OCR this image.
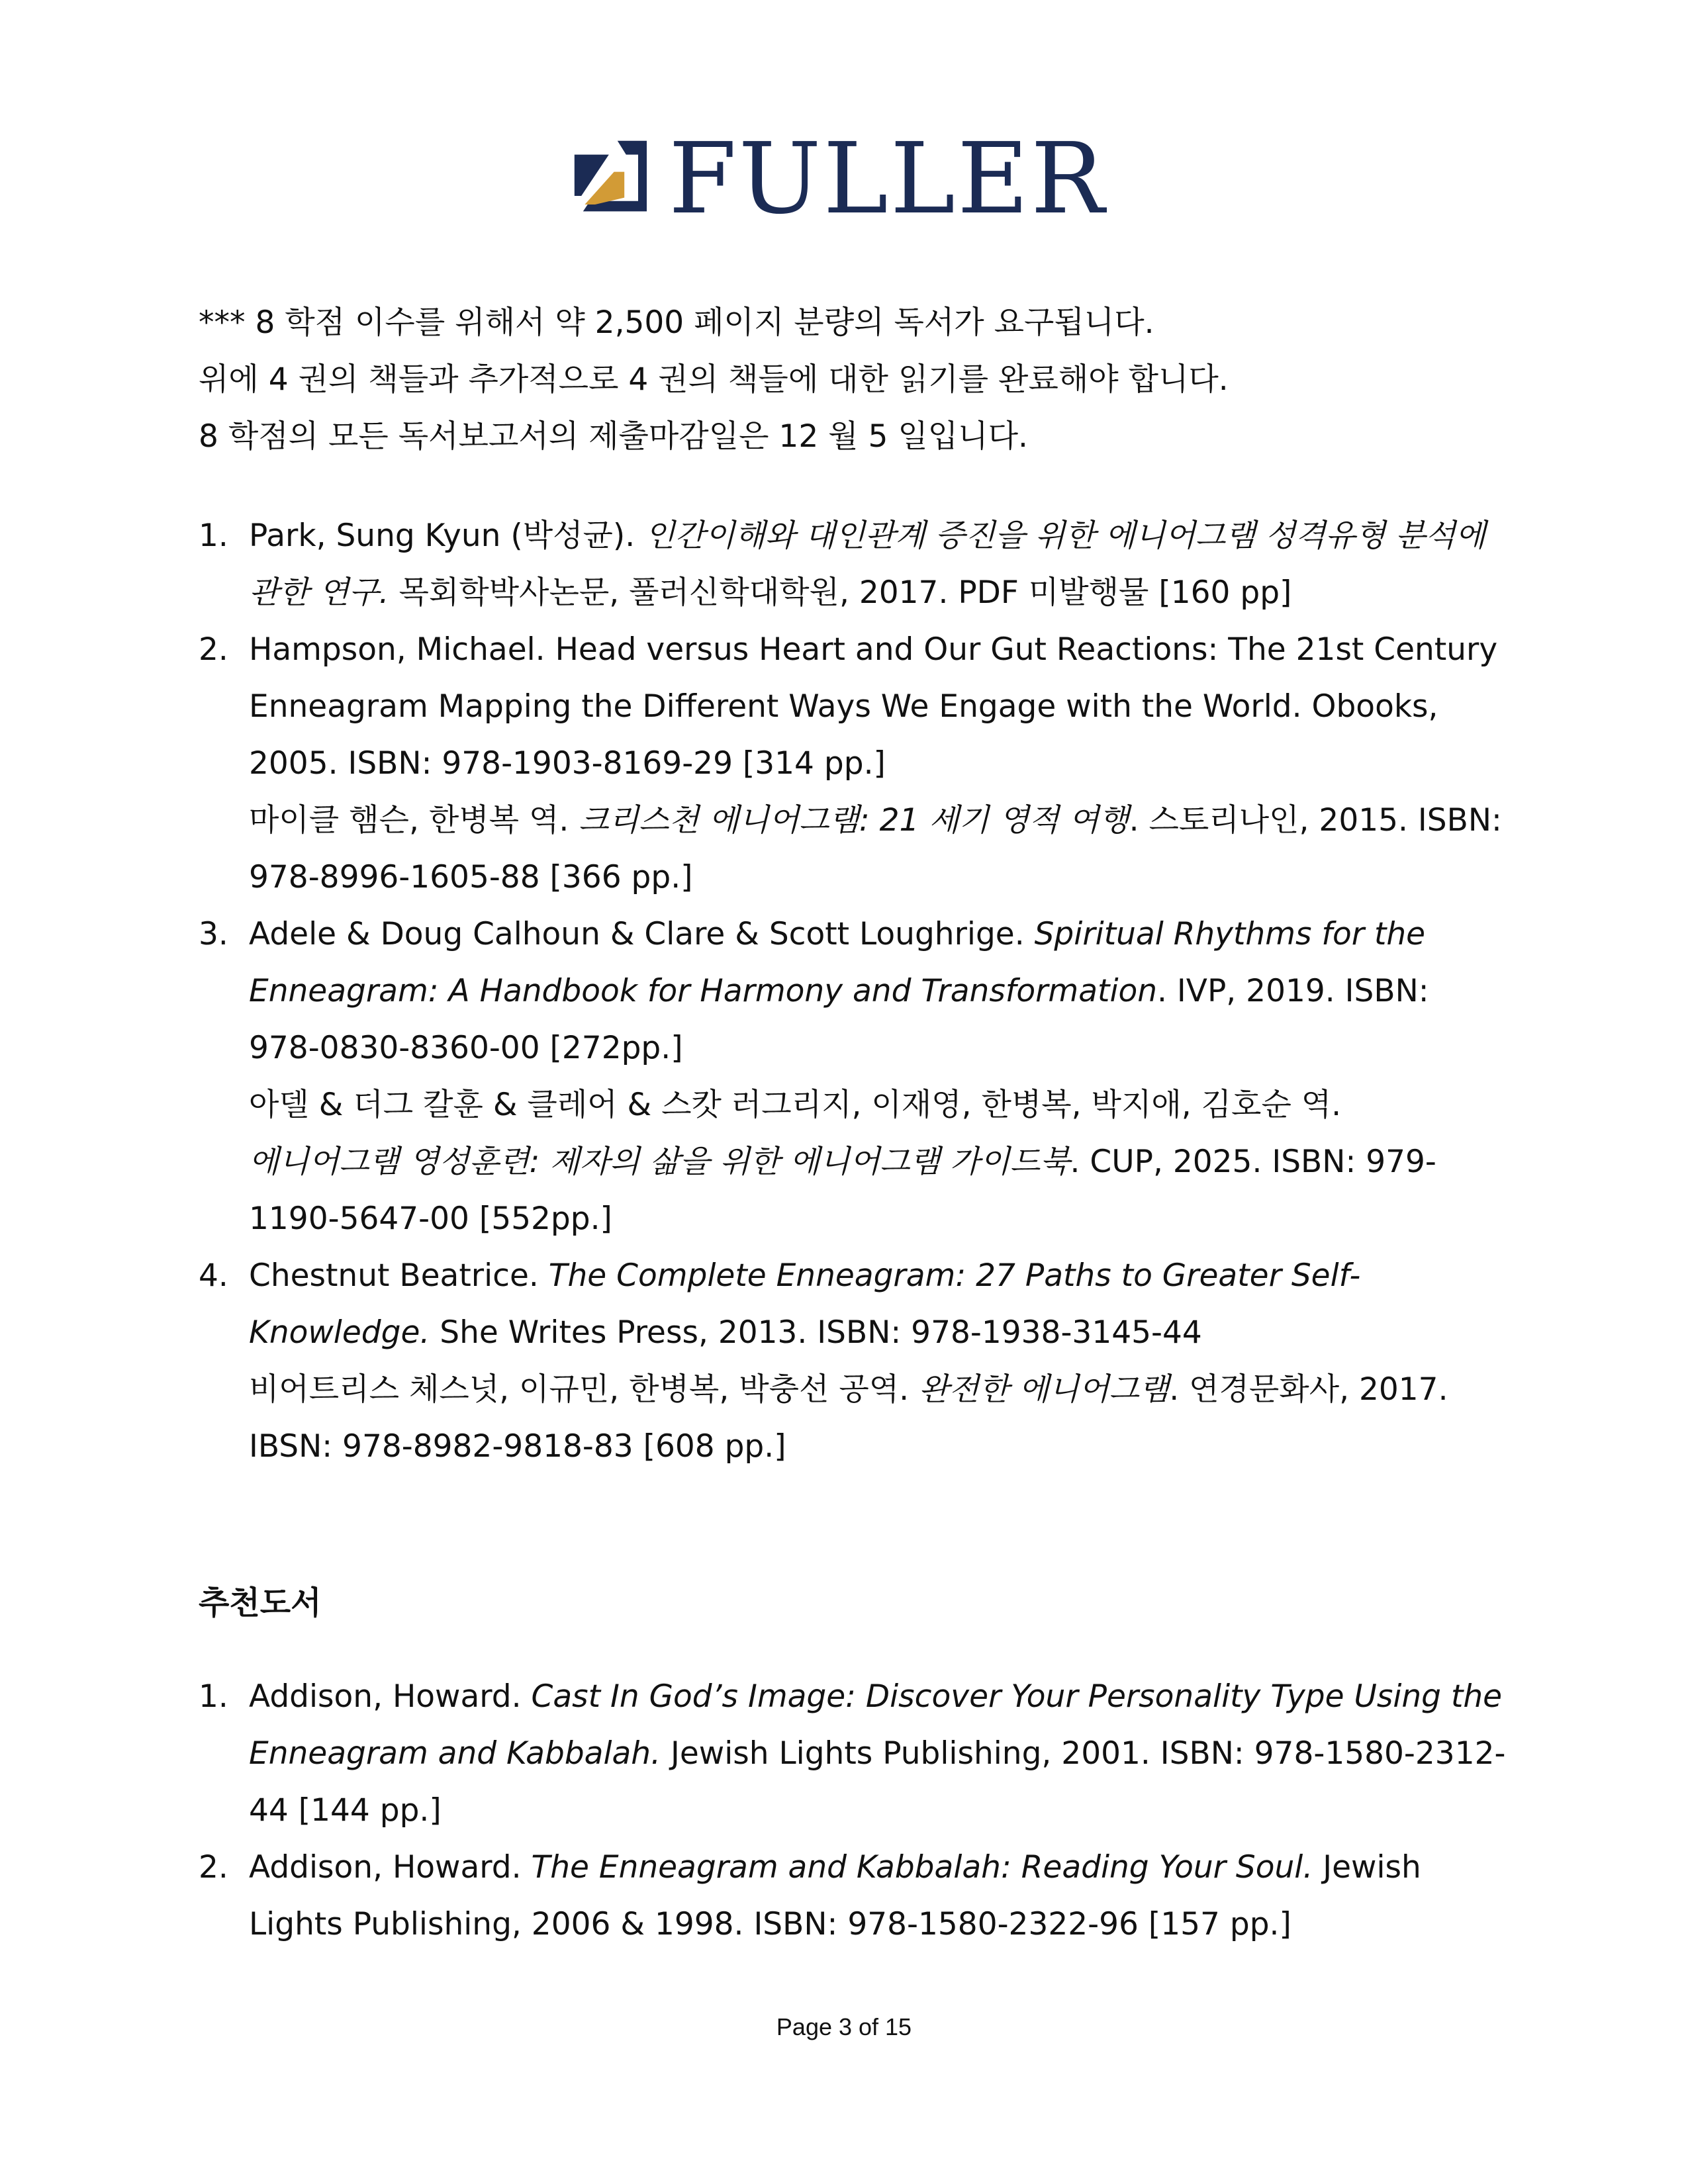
FULLER

*** 8 학점 이수를 위해서 약 2,500 페이지 분량의 독서가 요구됩니다.

위에 4 권의 책들과 추가적으로 4 권의 책들에 대한 읽기를 완료해야 합니다.

8 학점의 모든 독서보고서의 제출마감일은 12 월 5 일입니다.

1. Park, Sung Kyun (박성균). 인간이해와 대인관계 증진을 위한 에니어그램 성격유형 분석에 관한 연구. 목회학박사논문, 풀러신학대학원, 2017. PDF 미발행물 [160 pp]

2. Hampson, Michael. Head versus Heart and Our Gut Reactions: The 21st Century Enneagram Mapping the Different Ways We Engage with the World. Obooks, 2005. ISBN: 978-1903-8169-29 [314 pp.]

마이클 햄슨, 한병복 역. 크리스천 에니어그램: 21 세기 영적 여행. 스토리나인, 2015. ISBN: 978-8996-1605-88 [366 pp.]

3. Adele & Doug Calhoun & Clare & Scott Loughrige. Spiritual Rhythms for the Enneagram: A Handbook for Harmony and Transformation. IVP, 2019. ISBN: 978-0830-8360-00 [272pp.]

아델 & 더그 칼훈 & 클레어 & 스캇 러그리지, 이재영, 한병복, 박지애, 김호순 역.

에니어그램 영성훈련: 제자의 삶을 위한 에니어그램 가이드북. CUP, 2025. ISBN: 979-1190-5647-00 [552pp.]

4. Chestnut Beatrice. The Complete Enneagram: 27 Paths to Greater Self-Knowledge. She Writes Press, 2013. ISBN: 978-1938-3145-44

비어트리스 체스넛, 이규민, 한병복, 박충선 공역. 완전한 에니어그램. 연경문화사, 2017. IBSN: 978-8982-9818-83 [608 pp.]

추천도서
1. Addison, Howard. Cast In God’s Image: Discover Your Personality Type Using the Enneagram and Kabbalah. Jewish Lights Publishing, 2001. ISBN: 978-1580-2312-44 [144 pp.]

2. Addison, Howard. The Enneagram and Kabbalah: Reading Your Soul. Jewish Lights Publishing, 2006 & 1998. ISBN: 978-1580-2322-96 [157 pp.]

Page 3 of 15
